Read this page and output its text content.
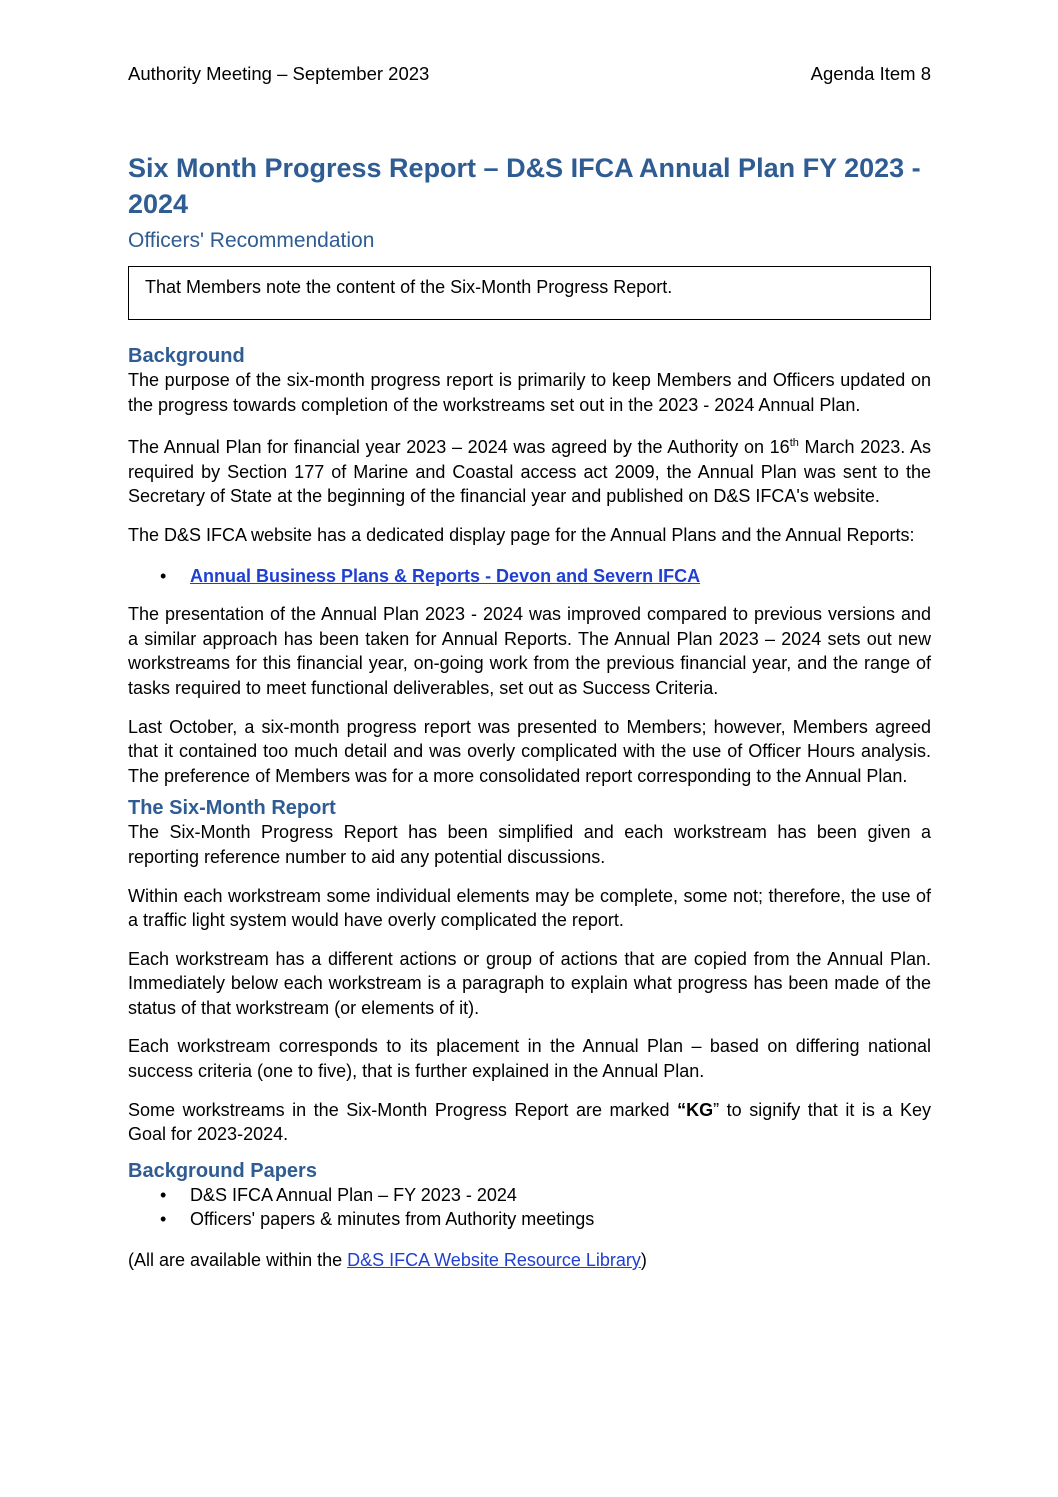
Authority Meeting – September 2023	Agenda Item 8
Six Month Progress Report – D&S IFCA Annual Plan FY 2023 - 2024
Officers' Recommendation
That Members note the content of the Six-Month Progress Report.
Background

The purpose of the six-month progress report is primarily to keep Members and Officers updated on the progress towards completion of the workstreams set out in the 2023 - 2024 Annual Plan.

The Annual Plan for financial year 2023 – 2024 was agreed by the Authority on 16th March 2023. As required by Section 177 of Marine and Coastal access act 2009, the Annual Plan was sent to the Secretary of State at the beginning of the financial year and published on D&S IFCA's website.

The D&S IFCA website has a dedicated display page for the Annual Plans and the Annual Reports:

• Annual Business Plans & Reports - Devon and Severn IFCA

The presentation of the Annual Plan 2023 - 2024 was improved compared to previous versions and a similar approach has been taken for Annual Reports. The Annual Plan 2023 – 2024 sets out new workstreams for this financial year, on-going work from the previous financial year, and the range of tasks required to meet functional deliverables, set out as Success Criteria.

Last October, a six-month progress report was presented to Members; however, Members agreed that it contained too much detail and was overly complicated with the use of Officer Hours analysis. The preference of Members was for a more consolidated report corresponding to the Annual Plan.

The Six-Month Report

The Six-Month Progress Report has been simplified and each workstream has been given a reporting reference number to aid any potential discussions.

Within each workstream some individual elements may be complete, some not; therefore, the use of a traffic light system would have overly complicated the report.

Each workstream has a different actions or group of actions that are copied from the Annual Plan. Immediately below each workstream is a paragraph to explain what progress has been made of the status of that workstream (or elements of it).

Each workstream corresponds to its placement in the Annual Plan – based on differing national success criteria (one to five), that is further explained in the Annual Plan.

Some workstreams in the Six-Month Progress Report are marked “KG” to signify that it is a Key Goal for 2023-2024.

Background Papers
• D&S IFCA Annual Plan – FY 2023 - 2024
• Officers' papers & minutes from Authority meetings

(All are available within the D&S IFCA Website Resource Library)
